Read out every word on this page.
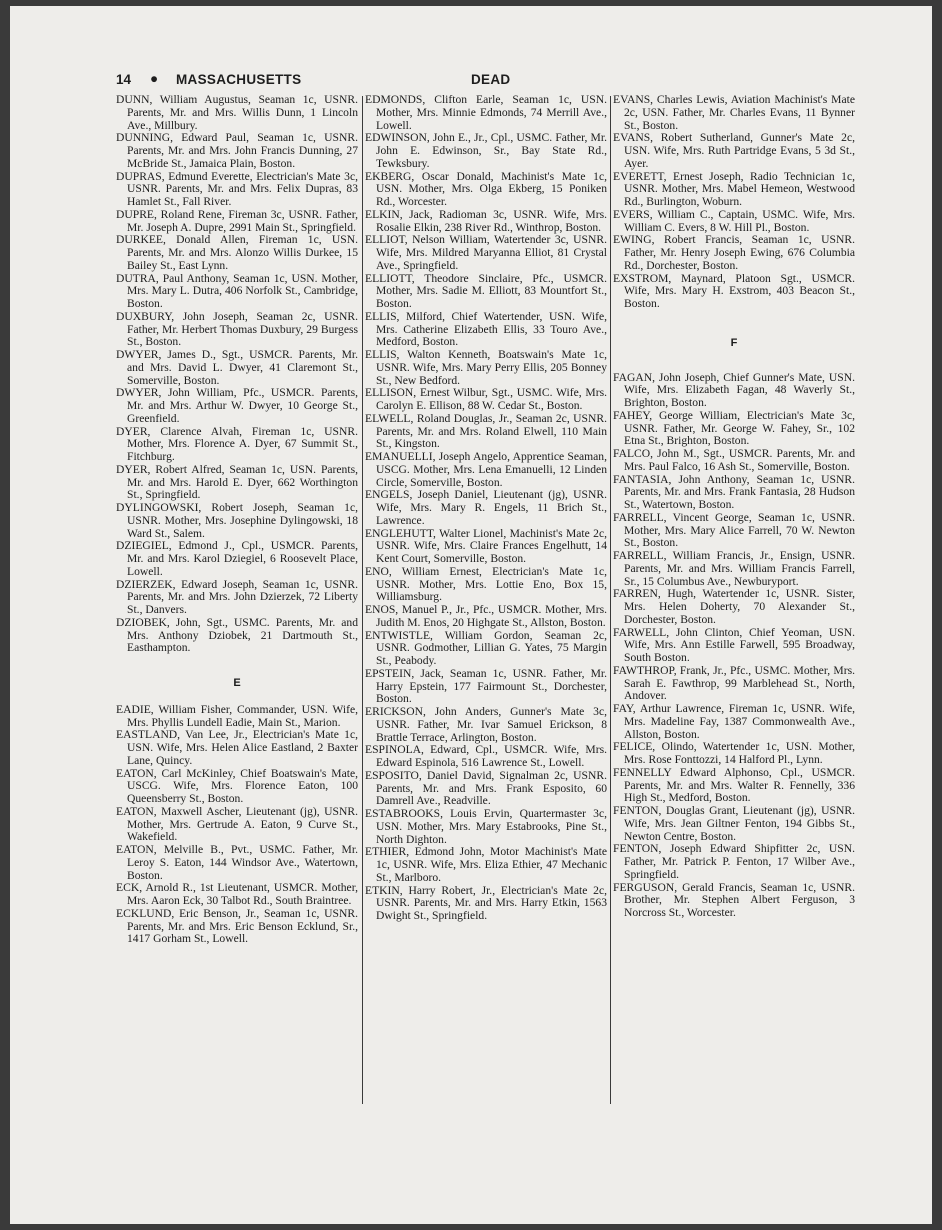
14 ● MASSACHUSETTS	DEAD

DUNN, William Augustus, Seaman 1c, USNR. Parents, Mr. and Mrs. Willis Dunn, 1 Lincoln Ave., Millbury.

DUNNING, Edward Paul, Seaman 1c, USNR. Parents, Mr. and Mrs. John Francis Dunning, 27 McBride St., Jamaica Plain, Boston.

DUPRAS, Edmund Everette, Electrician's Mate 3c, USNR. Parents, Mr. and Mrs. Felix Dupras, 83 Hamlet St., Fall River.

DUPRE, Roland Rene, Fireman 3c, USNR. Father, Mr. Joseph A. Dupre, 2991 Main St., Springfield.

DURKEE, Donald Allen, Fireman 1c, USN. Parents, Mr. and Mrs. Alonzo Willis Durkee, 15 Bailey St., East Lynn.

DUTRA, Paul Anthony, Seaman 1c, USN. Mother, Mrs. Mary L. Dutra, 406 Norfolk St., Cambridge, Boston.

DUXBURY, John Joseph, Seaman 2c, USNR. Father, Mr. Herbert Thomas Duxbury, 29 Burgess St., Boston.

DWYER, James D., Sgt., USMCR. Parents, Mr. and Mrs. David L. Dwyer, 41 Claremont St., Somerville, Boston.

DWYER, John William, Pfc., USMCR. Parents, Mr. and Mrs. Arthur W. Dwyer, 10 George St., Greenfield.

DYER, Clarence Alvah, Fireman 1c, USNR. Mother, Mrs. Florence A. Dyer, 67 Summit St., Fitchburg.

DYER, Robert Alfred, Seaman 1c, USN. Parents, Mr. and Mrs. Harold E. Dyer, 662 Worthington St., Springfield.

DYLINGOWSKI, Robert Joseph, Seaman 1c, USNR. Mother, Mrs. Josephine Dylingowski, 18 Ward St., Salem.

DZIEGIEL, Edmond J., Cpl., USMCR. Parents, Mr. and Mrs. Karol Dziegiel, 6 Roosevelt Place, Lowell.

DZIERZEK, Edward Joseph, Seaman 1c, USNR. Parents, Mr. and Mrs. John Dzierzek, 72 Liberty St., Danvers.

DZIOBEK, John, Sgt., USMC. Parents, Mr. and Mrs. Anthony Dziobek, 21 Dartmouth St., Easthampton.

E

EADIE, William Fisher, Commander, USN. Wife, Mrs. Phyllis Lundell Eadie, Main St., Marion.

EASTLAND, Van Lee, Jr., Electrician's Mate 1c, USN. Wife, Mrs. Helen Alice Eastland, 2 Baxter Lane, Quincy.

EATON, Carl McKinley, Chief Boatswain's Mate, USCG. Wife, Mrs. Florence Eaton, 100 Queensberry St., Boston.

EATON, Maxwell Ascher, Lieutenant (jg), USNR. Mother, Mrs. Gertrude A. Eaton, 9 Curve St., Wakefield.

EATON, Melville B., Pvt., USMC. Father, Mr. Leroy S. Eaton, 144 Windsor Ave., Watertown, Boston.

ECK, Arnold R., 1st Lieutenant, USMCR. Mother, Mrs. Aaron Eck, 30 Talbot Rd., South Braintree.

ECKLUND, Eric Benson, Jr., Seaman 1c, USNR. Parents, Mr. and Mrs. Eric Benson Ecklund, Sr., 1417 Gorham St., Lowell.

EDMONDS, Clifton Earle, Seaman 1c, USN. Mother, Mrs. Minnie Edmonds, 74 Merrill Ave., Lowell.

EDWINSON, John E., Jr., Cpl., USMC. Father, Mr. John E. Edwinson, Sr., Bay State Rd., Tewksbury.

EKBERG, Oscar Donald, Machinist's Mate 1c, USN. Mother, Mrs. Olga Ekberg, 15 Poniken Rd., Worcester.

ELKIN, Jack, Radioman 3c, USNR. Wife, Mrs. Rosalie Elkin, 238 River Rd., Winthrop, Boston.

ELLIOT, Nelson William, Watertender 3c, USNR. Wife, Mrs. Mildred Maryanna Elliot, 81 Crystal Ave., Springfield.

ELLIOTT, Theodore Sinclaire, Pfc., USMCR. Mother, Mrs. Sadie M. Elliott, 83 Mountfort St., Boston.

ELLIS, Milford, Chief Watertender, USN. Wife, Mrs. Catherine Elizabeth Ellis, 33 Touro Ave., Medford, Boston.

ELLIS, Walton Kenneth, Boatswain's Mate 1c, USNR. Wife, Mrs. Mary Perry Ellis, 205 Bonney St., New Bedford.

ELLISON, Ernest Wilbur, Sgt., USMC. Wife, Mrs. Carolyn E. Ellison, 88 W. Cedar St., Boston.

ELWELL, Roland Douglas, Jr., Seaman 2c, USNR. Parents, Mr. and Mrs. Roland Elwell, 110 Main St., Kingston.

EMANUELLI, Joseph Angelo, Apprentice Seaman, USCG. Mother, Mrs. Lena Emanuelli, 12 Linden Circle, Somerville, Boston.

ENGELS, Joseph Daniel, Lieutenant (jg), USNR. Wife, Mrs. Mary R. Engels, 11 Brich St., Lawrence.

ENGLEHUTT, Walter Lionel, Machinist's Mate 2c, USNR. Wife, Mrs. Claire Frances Engelhutt, 14 Kent Court, Somerville, Boston.

ENO, William Ernest, Electrician's Mate 1c, USNR. Mother, Mrs. Lottie Eno, Box 15, Williamsburg.

ENOS, Manuel P., Jr., Pfc., USMCR. Mother, Mrs. Judith M. Enos, 20 Highgate St., Allston, Boston.

ENTWISTLE, William Gordon, Seaman 2c, USNR. Godmother, Lillian G. Yates, 75 Margin St., Peabody.

EPSTEIN, Jack, Seaman 1c, USNR. Father, Mr. Harry Epstein, 177 Fairmount St., Dorchester, Boston.

ERICKSON, John Anders, Gunner's Mate 3c, USNR. Father, Mr. Ivar Samuel Erickson, 8 Brattle Terrace, Arlington, Boston.

ESPINOLA, Edward, Cpl., USMCR. Wife, Mrs. Edward Espinola, 516 Lawrence St., Lowell.

ESPOSITO, Daniel David, Signalman 2c, USNR. Parents, Mr. and Mrs. Frank Esposito, 60 Damrell Ave., Readville.

ESTABROOKS, Louis Ervin, Quartermaster 3c, USN. Mother, Mrs. Mary Estabrooks, Pine St., North Dighton.

ETHIER, Edmond John, Motor Machinist's Mate 1c, USNR. Wife, Mrs. Eliza Ethier, 47 Mechanic St., Marlboro.

ETKIN, Harry Robert, Jr., Electrician's Mate 2c, USNR. Parents, Mr. and Mrs. Harry Etkin, 1563 Dwight St., Springfield.

EVANS, Charles Lewis, Aviation Machinist's Mate 2c, USN. Father, Mr. Charles Evans, 11 Bynner St., Boston.

EVANS, Robert Sutherland, Gunner's Mate 2c, USN. Wife, Mrs. Ruth Partridge Evans, 5 3d St., Ayer.

EVERETT, Ernest Joseph, Radio Technician 1c, USNR. Mother, Mrs. Mabel Hemeon, Westwood Rd., Burlington, Woburn.

EVERS, William C., Captain, USMC. Wife, Mrs. William C. Evers, 8 W. Hill Pl., Boston.

EWING, Robert Francis, Seaman 1c, USNR. Father, Mr. Henry Joseph Ewing, 676 Columbia Rd., Dorchester, Boston.

EXSTROM, Maynard, Platoon Sgt., USMCR. Wife, Mrs. Mary H. Exstrom, 403 Beacon St., Boston.

F

FAGAN, John Joseph, Chief Gunner's Mate, USN. Wife, Mrs. Elizabeth Fagan, 48 Waverly St., Brighton, Boston.

FAHEY, George William, Electrician's Mate 3c, USNR. Father, Mr. George W. Fahey, Sr., 102 Etna St., Brighton, Boston.

FALCO, John M., Sgt., USMCR. Parents, Mr. and Mrs. Paul Falco, 16 Ash St., Somerville, Boston.

FANTASIA, John Anthony, Seaman 1c, USNR. Parents, Mr. and Mrs. Frank Fantasia, 28 Hudson St., Watertown, Boston.

FARRELL, Vincent George, Seaman 1c, USNR. Mother, Mrs. Mary Alice Farrell, 70 W. Newton St., Boston.

FARRELL, William Francis, Jr., Ensign, USNR. Parents, Mr. and Mrs. William Francis Farrell, Sr., 15 Columbus Ave., Newburyport.

FARREN, Hugh, Watertender 1c, USNR. Sister, Mrs. Helen Doherty, 70 Alexander St., Dorchester, Boston.

FARWELL, John Clinton, Chief Yeoman, USN. Wife, Mrs. Ann Estille Farwell, 595 Broadway, South Boston.

FAWTHROP, Frank, Jr., Pfc., USMC. Mother, Mrs. Sarah E. Fawthrop, 99 Marblehead St., North, Andover.

FAY, Arthur Lawrence, Fireman 1c, USNR. Wife, Mrs. Madeline Fay, 1387 Commonwealth Ave., Allston, Boston.

FELICE, Olindo, Watertender 1c, USN. Mother, Mrs. Rose Fonttozzi, 14 Halford Pl., Lynn.

FENNELLY Edward Alphonso, Cpl., USMCR. Parents, Mr. and Mrs. Walter R. Fennelly, 336 High St., Medford, Boston.

FENTON, Douglas Grant, Lieutenant (jg), USNR. Wife, Mrs. Jean Giltner Fenton, 194 Gibbs St., Newton Centre, Boston.

FENTON, Joseph Edward Shipfitter 2c, USN. Father, Mr. Patrick P. Fenton, 17 Wilber Ave., Springfield.

FERGUSON, Gerald Francis, Seaman 1c, USNR. Brother, Mr. Stephen Albert Ferguson, 3 Norcross St., Worcester.
